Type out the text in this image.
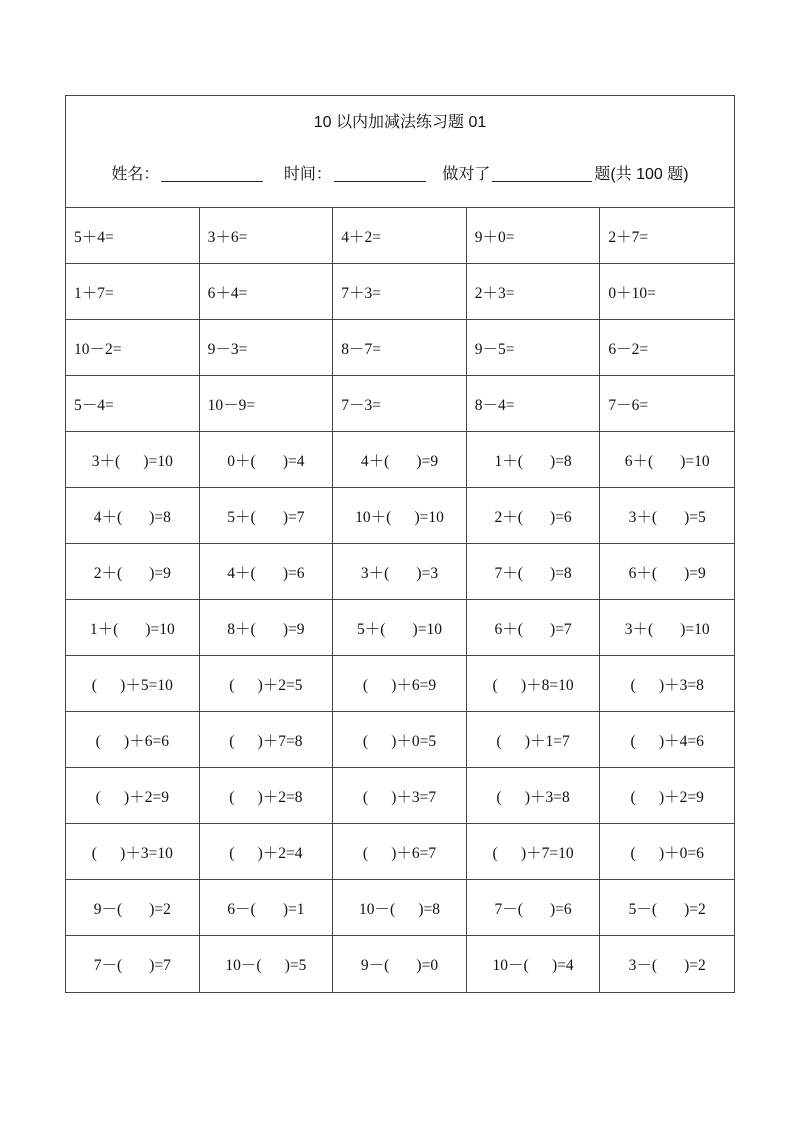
10 以内加减法练习题 01
姓名：	时间：	做对了	题(共 100 题)
5＋4=	3＋6=	4＋2=	9＋0=	2＋7=
1＋7=	6＋4=	7＋3=	2＋3=	0＋10=
10－2=	9－3=	8－7=	9－5=	6－2=
5－4=	10－9=	7－3=	8－4=	7－6=
3＋(      )=10	0＋(       )=4	4＋(       )=9	1＋(       )=8	6＋(       )=10
4＋(       )=8	5＋(       )=7	10＋(      )=10	2＋(       )=6	3＋(       )=5
2＋(       )=9	4＋(       )=6	3＋(       )=3	7＋(       )=8	6＋(       )=9
1＋(       )=10	8＋(       )=9	5＋(       )=10	6＋(       )=7	3＋(       )=10
(      )＋5=10	(      )＋2=5	(      )＋6=9	(      )＋8=10	(      )＋3=8
(      )＋6=6	(      )＋7=8	(      )＋0=5	(      )＋1=7	(      )＋4=6
(      )＋2=9	(      )＋2=8	(      )＋3=7	(      )＋3=8	(      )＋2=9
(      )＋3=10	(      )＋2=4	(      )＋6=7	(      )＋7=10	(      )＋0=6
9－(       )=2	6－(       )=1	10－(      )=8	7－(       )=6	5－(       )=2
7－(       )=7	10－(      )=5	9－(       )=0	10－(      )=4	3－(       )=2
